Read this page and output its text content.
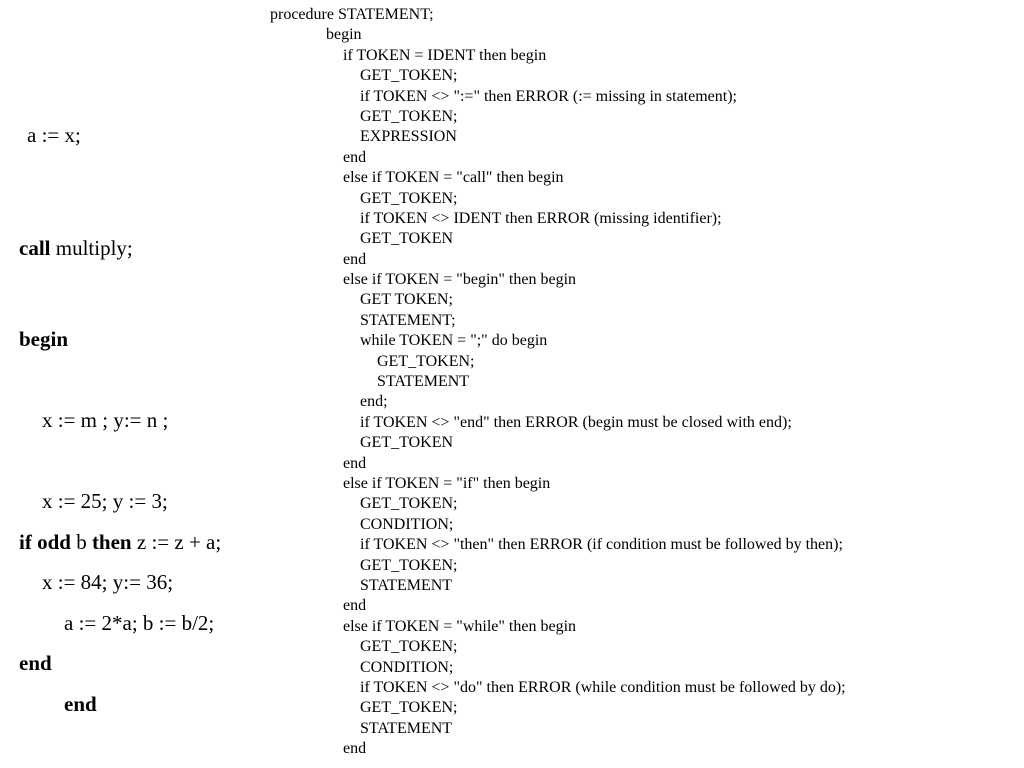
a := x;

call multiply;

begin

x := m ; y:= n ;

x := 25; y := 3;

x := 84; y:= 36;

end

if odd b then z := z + a;

a := 2*a; b := b/2;

end

procedure STATEMENT;
begin
if TOKEN = IDENT then begin
GET_TOKEN;
if TOKEN <> ":=" then ERROR (:= missing in statement);
GET_TOKEN;
EXPRESSION
end
else if TOKEN = "call" then begin
GET_TOKEN;
if TOKEN <> IDENT then ERROR (missing identifier);
GET_TOKEN
end
else if TOKEN = "begin" then begin
GET TOKEN;
STATEMENT;
while TOKEN = ";" do begin
GET_TOKEN;
STATEMENT
end;
if TOKEN <> "end" then ERROR (begin must be closed with end);
GET_TOKEN
end
else if TOKEN = "if" then begin
GET_TOKEN;
CONDITION;
if TOKEN <> "then" then ERROR (if condition must be followed by then);
GET_TOKEN;
STATEMENT
end
else if TOKEN = "while" then begin
GET_TOKEN;
CONDITION;
if TOKEN <> "do" then ERROR (while condition must be followed by do);
GET_TOKEN;
STATEMENT
end
